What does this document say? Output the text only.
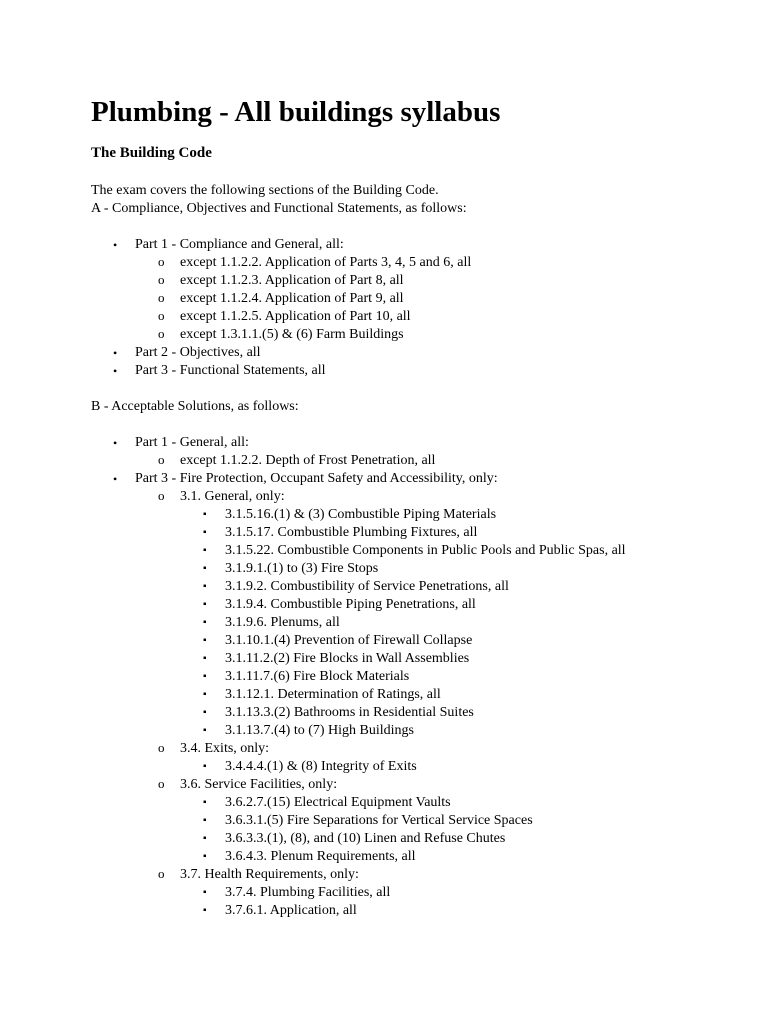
Plumbing - All buildings syllabus
The Building Code

The exam covers the following sections of the Building Code.

A - Compliance, Objectives and Functional Statements, as follows:

• Part 1 - Compliance and General, all:
o except 1.1.2.2. Application of Parts 3, 4, 5 and 6, all
o except 1.1.2.3. Application of Part 8, all
o except 1.1.2.4. Application of Part 9, all
o except 1.1.2.5. Application of Part 10, all
o except 1.3.1.1.(5) & (6) Farm Buildings
• Part 2 - Objectives, all
• Part 3 - Functional Statements, all

B - Acceptable Solutions, as follows:

• Part 1 - General, all:
o except 1.1.2.2. Depth of Frost Penetration, all
• Part 3 - Fire Protection, Occupant Safety and Accessibility, only:
o 3.1. General, only:
▪ 3.1.5.16.(1) & (3) Combustible Piping Materials
▪ 3.1.5.17. Combustible Plumbing Fixtures, all
▪ 3.1.5.22. Combustible Components in Public Pools and Public Spas, all
▪ 3.1.9.1.(1) to (3) Fire Stops
▪ 3.1.9.2. Combustibility of Service Penetrations, all
▪ 3.1.9.4. Combustible Piping Penetrations, all
▪ 3.1.9.6. Plenums, all
▪ 3.1.10.1.(4) Prevention of Firewall Collapse
▪ 3.1.11.2.(2) Fire Blocks in Wall Assemblies
▪ 3.1.11.7.(6) Fire Block Materials
▪ 3.1.12.1. Determination of Ratings, all
▪ 3.1.13.3.(2) Bathrooms in Residential Suites
▪ 3.1.13.7.(4) to (7) High Buildings
o 3.4. Exits, only:
▪ 3.4.4.4.(1) & (8) Integrity of Exits
o 3.6. Service Facilities, only:
▪ 3.6.2.7.(15) Electrical Equipment Vaults
▪ 3.6.3.1.(5) Fire Separations for Vertical Service Spaces
▪ 3.6.3.3.(1), (8), and (10) Linen and Refuse Chutes
▪ 3.6.4.3. Plenum Requirements, all
o 3.7. Health Requirements, only:
▪ 3.7.4. Plumbing Facilities, all
▪ 3.7.6.1. Application, all
